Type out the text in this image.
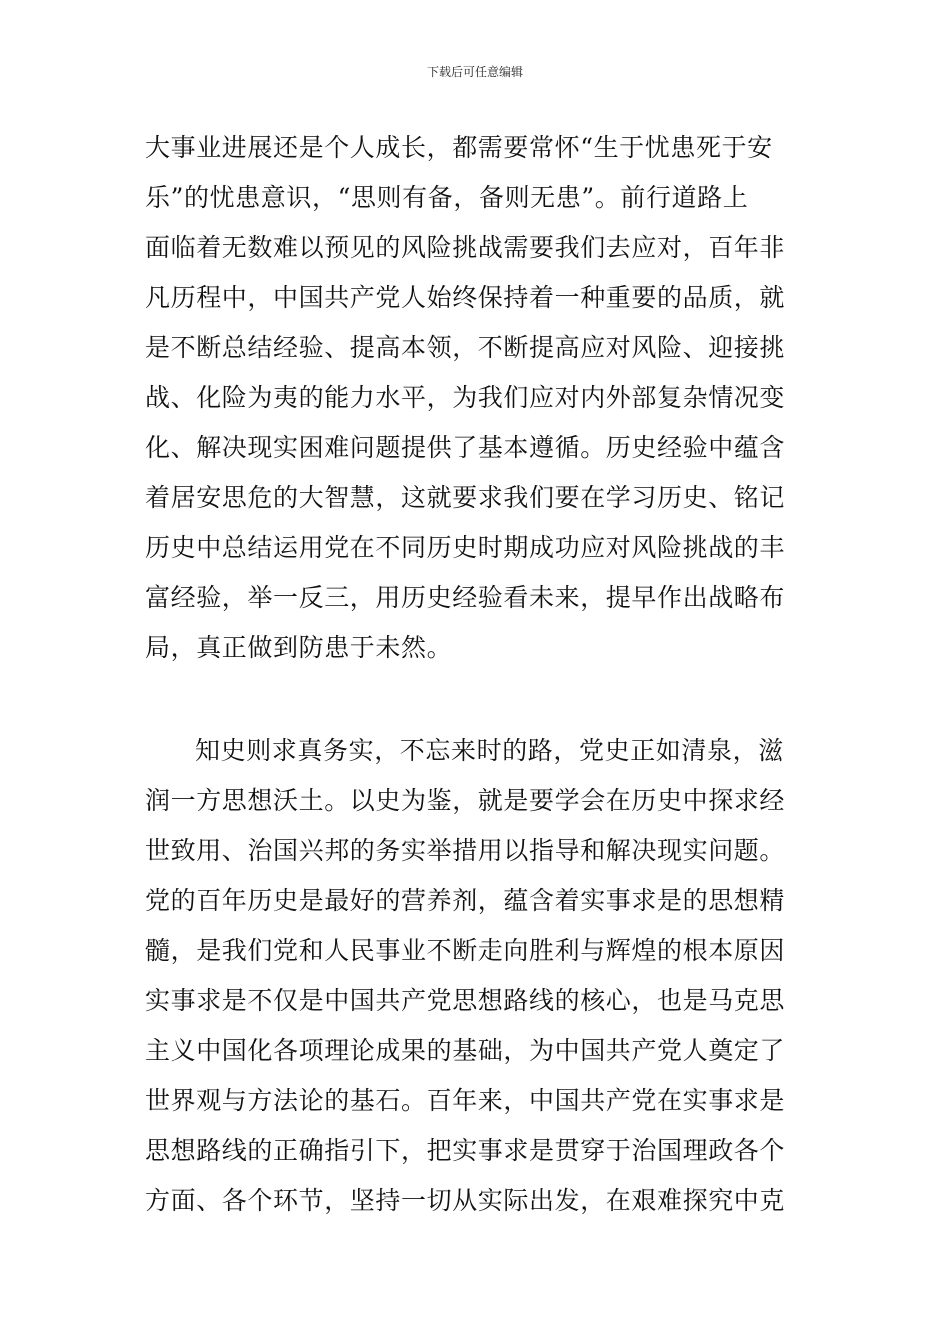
下载后可任意编辑
大事业进展还是个人成长，都需要常怀“生于忧患死于安
乐”的忧患意识，“思则有备，备则无患”。前行道路上
面临着无数难以预见的风险挑战需要我们去应对，百年非
凡历程中，中国共产党人始终保持着一种重要的品质，就
是不断总结经验、提高本领，不断提高应对风险、迎接挑
战、化险为夷的能力水平，为我们应对内外部复杂情况变
化、解决现实困难问题提供了基本遵循。历史经验中蕴含
着居安思危的大智慧，这就要求我们要在学习历史、铭记
历史中总结运用党在不同历史时期成功应对风险挑战的丰
富经验，举一反三，用历史经验看未来，提早作出战略布
局，真正做到防患于未然。
知史则求真务实，不忘来时的路，党史正如清泉，滋
润一方思想沃土。以史为鉴，就是要学会在历史中探求经
世致用、治国兴邦的务实举措用以指导和解决现实问题。
党的百年历史是最好的营养剂，蕴含着实事求是的思想精
髓，是我们党和人民事业不断走向胜利与辉煌的根本原因
实事求是不仅是中国共产党思想路线的核心，也是马克思
主义中国化各项理论成果的基础，为中国共产党人奠定了
世界观与方法论的基石。百年来，中国共产党在实事求是
思想路线的正确指引下，把实事求是贯穿于治国理政各个
方面、各个环节，坚持一切从实际出发，在艰难探究中克
